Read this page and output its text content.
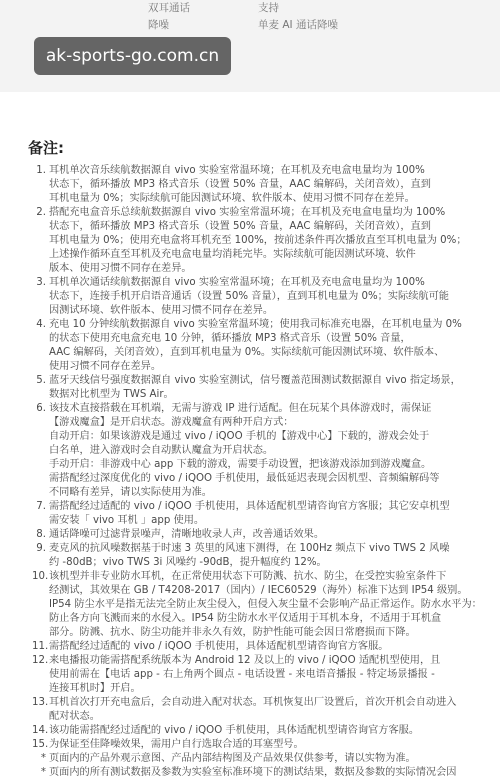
双耳通话	支持
降噪	单麦 AI 通话降噪
ak-sports-go.com.cn
备注:
1. 耳机单次音乐续航数据源自 vivo 实验室常温环境；在耳机及充电盒电量均为 100%
状态下，循环播放 MP3 格式音乐（设置 50% 音量，AAC 编解码，关闭音效），直到
耳机电量为 0%；实际续航可能因测试环境、软件版本、使用习惯不同存在差异。
2. 搭配充电盒音乐总续航数据源自 vivo 实验室常温环境；在耳机及充电盒电量均为 100%
状态下，循环播放 MP3 格式音乐（设置 50% 音量，AAC 编解码，关闭音效），直到
耳机电量为 0%；使用充电盒将耳机充至 100%，按前述条件再次播放直至耳机电量为 0%；
上述操作循环直至耳机及充电盒电量均消耗完毕。实际续航可能因测试环境、软件
版本、使用习惯不同存在差异。
3. 耳机单次通话续航数据源自 vivo 实验室常温环境；在耳机及充电盒电量均为 100%
状态下，连接手机开启语音通话（设置 50% 音量），直到耳机电量为 0%；实际续航可能
因测试环境、软件版本、使用习惯不同存在差异。
4. 充电 10 分钟续航数据源自 vivo 实验室常温环境；使用我司标准充电器，在耳机电量为 0%
的状态下使用充电盒充电 10 分钟，循环播放 MP3 格式音乐（设置 50% 音量，
AAC 编解码，关闭音效），直到耳机电量为 0%。实际续航可能因测试环境、软件版本、
使用习惯不同存在差异。
5. 蓝牙天线信号强度数据源自 vivo 实验室测试，信号覆盖范围测试数据源自 vivo 指定场景，
数据对比机型为 TWS Air。
6. 该技术直接搭载在耳机端，无需与游戏 IP 进行适配。但在玩某个具体游戏时，需保证
【游戏魔盒】是开启状态。游戏魔盒有两种开启方式：
自动开启：如果该游戏是通过 vivo / iQOO 手机的【游戏中心】下载的，游戏会处于
白名单，进入游戏时会自动默认魔盒为开启状态。
手动开启：非游戏中心 app 下载的游戏，需要手动设置，把该游戏添加到游戏魔盒。
需搭配经过深度优化的 vivo / iQOO 手机使用，最低延迟表现会因机型、音频编解码等
不同略有差异，请以实际使用为准。
7. 需搭配经过适配的 vivo / iQOO 手机使用，具体适配机型请咨询官方客服；其它安卓机型
需安装「 vivo 耳机 」app 使用。
8. 通话降噪可过滤背景噪声，清晰地收录人声，改善通话效果。
9. 麦克风的抗风噪数据基于时速 3 英里的风速下测得，在 100Hz 频点下 vivo TWS 2 风噪
约 -80dB；vivo TWS 3i 风噪约 -90dB，提升幅度约 12%。
10. 该机型并非专业防水耳机，在正常使用状态下可防溅、抗水、防尘，在受控实验室条件下
经测试，其效果在 GB / T4208-2017（国内）/ IEC60529（海外）标准下达到 IP54 级别。
IP54 防尘水平是指无法完全防止灰尘侵入，但侵入灰尘量不会影响产品正常运作。防水水平为：
防止各方向飞溅而来的水侵入。IP54 防尘防水水平仅适用于耳机本身，不适用于耳机盒
部分。防溅、抗水、防尘功能并非永久有效，防护性能可能会因日常磨损而下降。
11. 需搭配经过适配的 vivo / iQOO 手机使用，具体适配机型请咨询官方客服。
12. 来电播报功能需搭配系统版本为 Android 12 及以上的 vivo / iQOO 适配机型使用，且
使用前需在【电话 app - 右上角两个圆点 - 电话设置 - 来电语音播报 - 特定场景播报 -
连接耳机时】开启。
13. 耳机首次打开充电盒后，会自动进入配对状态。耳机恢复出厂设置后，首次开机会自动进入
配对状态。
14. 该功能需搭配经过适配的 vivo / iQOO 手机使用，具体适配机型请咨询官方客服。
15. 为保证至佳降噪效果，需用户自行选取合适的耳塞型号。
* 页面内的产品外观示意图、产品内部结构图及产品效果仅供参考，请以实物为准。
* 页面内的所有测试数据及参数为实验室标准环境下的测试结果，数据及参数的实际情况会因
